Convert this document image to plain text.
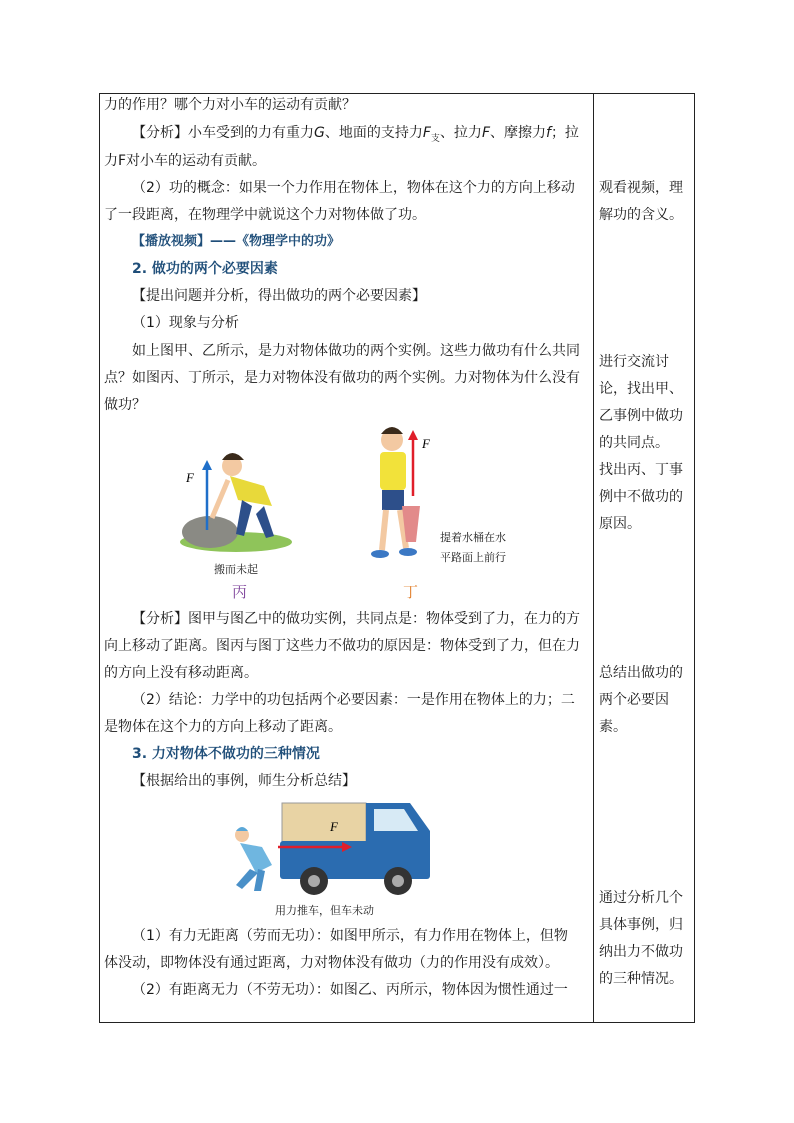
力的作用？哪个力对小车的运动有贡献？
【分析】小车受到的力有重力G、地面的支持力$F_支$、拉力F、摩擦力f；拉
力F对小车的运动有贡献。
（2）功的概念：如果一个力作用在物体上，物体在这个力的方向上移动
了一段距离，在物理学中就说这个力对物体做了功。
【播放视频】——《物理学中的功》
2. 做功的两个必要因素
【提出问题并分析，得出做功的两个必要因素】
（1）现象与分析
如上图甲、乙所示，是力对物体做功的两个实例。这些力做功有什么共同
点？如图丙、丁所示，是力对物体没有做功的两个实例。力对物体为什么没有
做功？
F
F
搬而未起
丙
提着水桶在水
平路面上前行
丁
【分析】图甲与图乙中的做功实例，共同点是：物体受到了力，在力的方
向上移动了距离。图丙与图丁这些力不做功的原因是：物体受到了力，但在力
的方向上没有移动距离。
（2）结论：力学中的功包括两个必要因素：一是作用在物体上的力；二
是物体在这个力的方向上移动了距离。
3. 力对物体不做功的三种情况
【根据给出的事例，师生分析总结】
F
用力推车，但车未动
（1）有力无距离（劳而无功）：如图甲所示，有力作用在物体上，但物
体没动，即物体没有通过距离，力对物体没有做功（力的作用没有成效）。
（2）有距离无力（不劳无功）：如图乙、丙所示，物体因为惯性通过一
观看视频，理
解功的含义。
进行交流讨
论，找出甲、
乙事例中做功
的共同点。
找出丙、丁事
例中不做功的
原因。
总结出做功的
两个必要因
素。
通过分析几个
具体事例，归
纳出力不做功
的三种情况。
